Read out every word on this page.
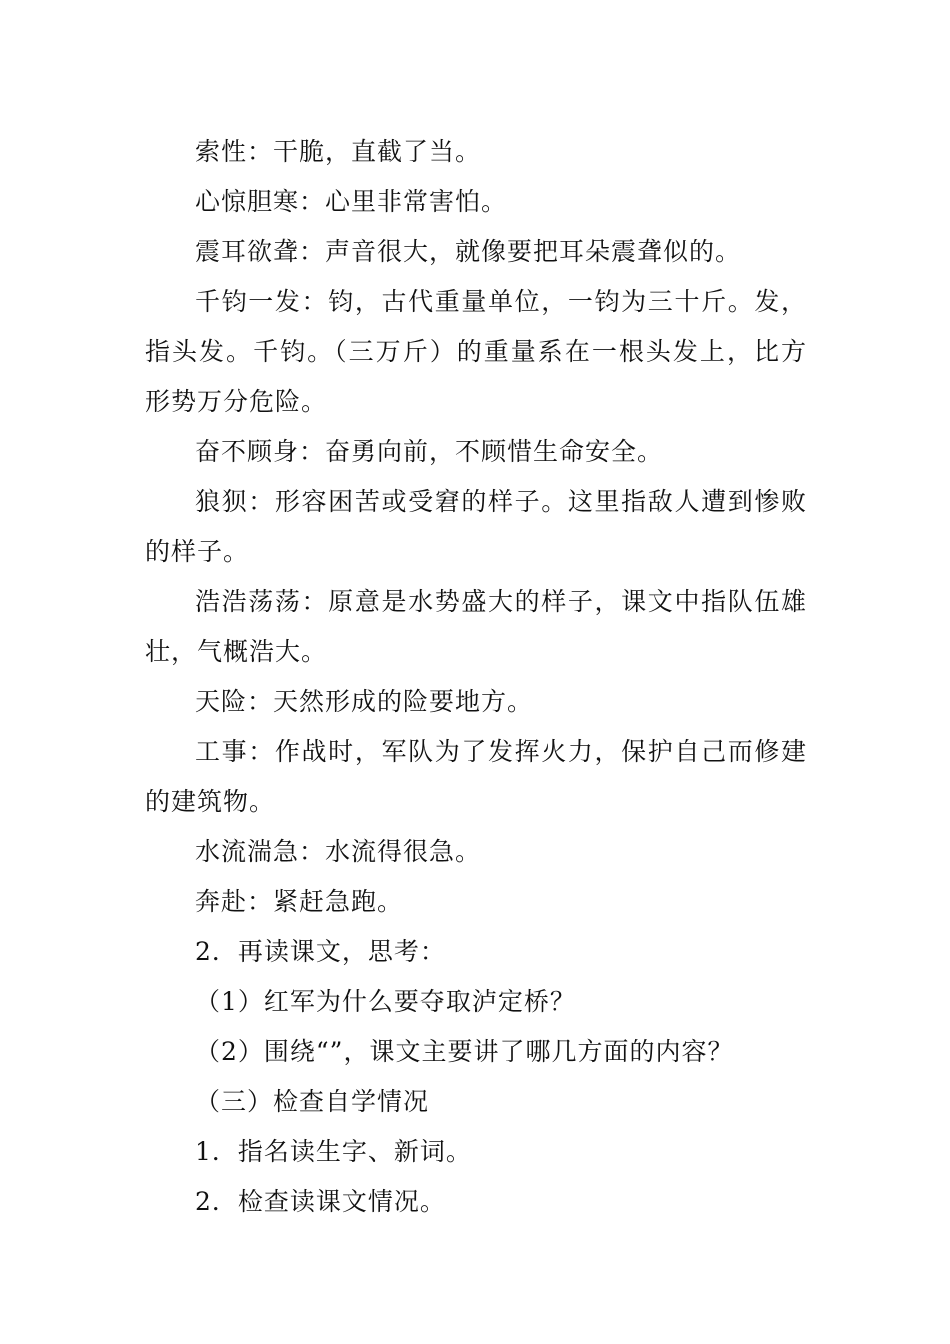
索性：干脆，直截了当。

心惊胆寒：心里非常害怕。

震耳欲聋：声音很大，就像要把耳朵震聋似的。

千钧一发：钧，古代重量单位，一钧为三十斤。发，指头发。千钧。（三万斤）的重量系在一根头发上，比方形势万分危险。

奋不顾身：奋勇向前，不顾惜生命安全。

狼狈：形容困苦或受窘的样子。这里指敌人遭到惨败的样子。

浩浩荡荡：原意是水势盛大的样子，课文中指队伍雄壮，气概浩大。

天险：天然形成的险要地方。

工事：作战时，军队为了发挥火力，保护自己而修建的建筑物。

水流湍急：水流得很急。

奔赴：紧赶急跑。

2．再读课文，思考：

（1）红军为什么要夺取泸定桥？

（2）围绕“”，课文主要讲了哪几方面的内容？

（三）检查自学情况

1．指名读生字、新词。

2．检查读课文情况。
